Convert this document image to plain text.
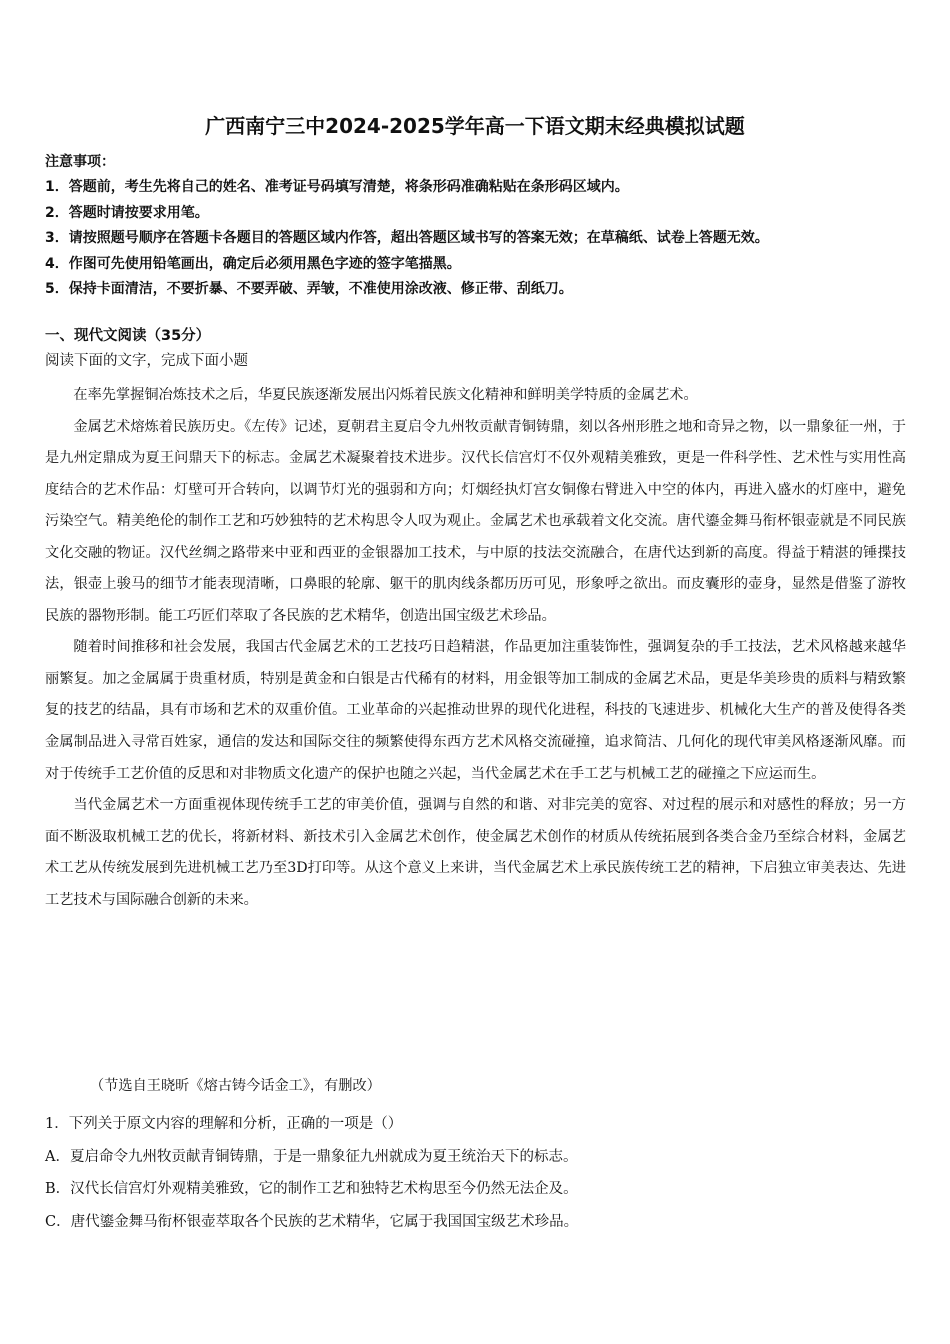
广西南宁三中2024-2025学年高一下语文期末经典模拟试题
注意事项：
1．答题前，考生先将自己的姓名、准考证号码填写清楚，将条形码准确粘贴在条形码区域内。
2．答题时请按要求用笔。
3．请按照题号顺序在答题卡各题目的答题区域内作答，超出答题区域书写的答案无效；在草稿纸、试卷上答题无效。
4．作图可先使用铅笔画出，确定后必须用黑色字迹的签字笔描黑。
5．保持卡面清洁，不要折暴、不要弄破、弄皱，不准使用涂改液、修正带、刮纸刀。
一、现代文阅读（35分）
阅读下面的文字，完成下面小题

在率先掌握铜冶炼技术之后，华夏民族逐渐发展出闪烁着民族文化精神和鲜明美学特质的金属艺术。

金属艺术熔炼着民族历史。《左传》记述，夏朝君主夏启令九州牧贡献青铜铸鼎，刻以各州形胜之地和奇异之物，以一鼎象征一州，于是九州定鼎成为夏王问鼎天下的标志。金属艺术凝聚着技术进步。汉代长信宫灯不仅外观精美雅致，更是一件科学性、艺术性与实用性高度结合的艺术作品：灯壁可开合转向，以调节灯光的强弱和方向；灯烟经执灯宫女铜像右臂进入中空的体内，再进入盛水的灯座中，避免污染空气。精美绝伦的制作工艺和巧妙独特的艺术构思令人叹为观止。金属艺术也承载着文化交流。唐代鎏金舞马衔杯银壶就是不同民族文化交融的物证。汉代丝绸之路带来中亚和西亚的金银器加工技术，与中原的技法交流融合，在唐代达到新的高度。得益于精湛的锤揲技法，银壶上骏马的细节才能表现清晰，口鼻眼的轮廓、躯干的肌肉线条都历历可见，形象呼之欲出。而皮囊形的壶身，显然是借鉴了游牧民族的器物形制。能工巧匠们萃取了各民族的艺术精华，创造出国宝级艺术珍品。

随着时间推移和社会发展，我国古代金属艺术的工艺技巧日趋精湛，作品更加注重装饰性，强调复杂的手工技法，艺术风格越来越华丽繁复。加之金属属于贵重材质，特别是黄金和白银是古代稀有的材料，用金银等加工制成的金属艺术品，更是华美珍贵的质料与精致繁复的技艺的结晶，具有市场和艺术的双重价值。工业革命的兴起推动世界的现代化进程，科技的飞速进步、机械化大生产的普及使得各类金属制品进入寻常百姓家，通信的发达和国际交往的频繁使得东西方艺术风格交流碰撞，追求简洁、几何化的现代审美风格逐渐风靡。而对于传统手工艺价值的反思和对非物质文化遗产的保护也随之兴起，当代金属艺术在手工艺与机械工艺的碰撞之下应运而生。

当代金属艺术一方面重视体现传统手工艺的审美价值，强调与自然的和谐、对非完美的宽容、对过程的展示和对感性的释放；另一方面不断汲取机械工艺的优长，将新材料、新技术引入金属艺术创作，使金属艺术创作的材质从传统拓展到各类合金乃至综合材料，金属艺术工艺从传统发展到先进机械工艺乃至3D打印等。从这个意义上来讲，当代金属艺术上承民族传统工艺的精神，下启独立审美表达、先进工艺技术与国际融合创新的未来。

（节选自王晓昕《熔古铸今话金工》，有删改）
1．下列关于原文内容的理解和分析，正确的一项是（）
A．夏启命令九州牧贡献青铜铸鼎，于是一鼎象征九州就成为夏王统治天下的标志。
B．汉代长信宫灯外观精美雅致，它的制作工艺和独特艺术构思至今仍然无法企及。
C．唐代鎏金舞马衔杯银壶萃取各个民族的艺术精华，它属于我国国宝级艺术珍品。
